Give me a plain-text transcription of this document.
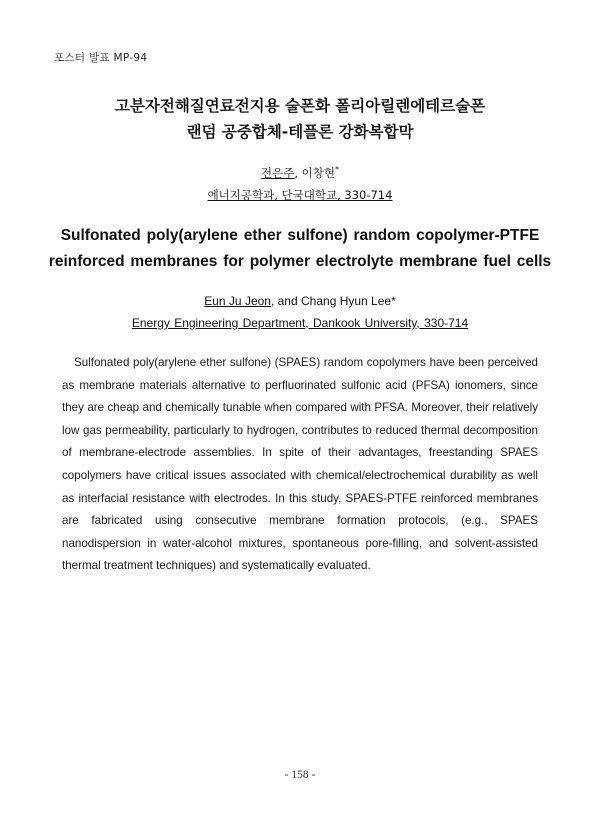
포스터 발표 MP-94
고분자전해질연료전지용 술폰화 폴리아릴렌에테르술폰
랜덤 공중합체-테플론 강화복합막
전은주, 이창현*
에너지공학과, 단국대학교, 330-714
Sulfonated poly(arylene ether sulfone) random copolymer-PTFE
reinforced membranes for polymer electrolyte membrane fuel cells
Eun Ju Jeon, and Chang Hyun Lee*
Energy Engineering Department, Dankook University, 330-714

Sulfonated poly(arylene ether sulfone) (SPAES) random copolymers have been perceived as membrane materials alternative to perfluorinated sulfonic acid (PFSA) ionomers, since they are cheap and chemically tunable when compared with PFSA. Moreover, their relatively low gas permeability, particularly to hydrogen, contributes to reduced thermal decomposition of membrane-electrode assemblies. In spite of their advantages, freestanding SPAES copolymers have critical issues associated with chemical/electrochemical durability as well as interfacial resistance with electrodes. In this study, SPAES-PTFE reinforced membranes are fabricated using consecutive membrane formation protocols, (e.g., SPAES nanodispersion in water-alcohol mixtures, spontaneous pore-filling, and solvent-assisted thermal treatment techniques) and systematically evaluated.

- 158 -
